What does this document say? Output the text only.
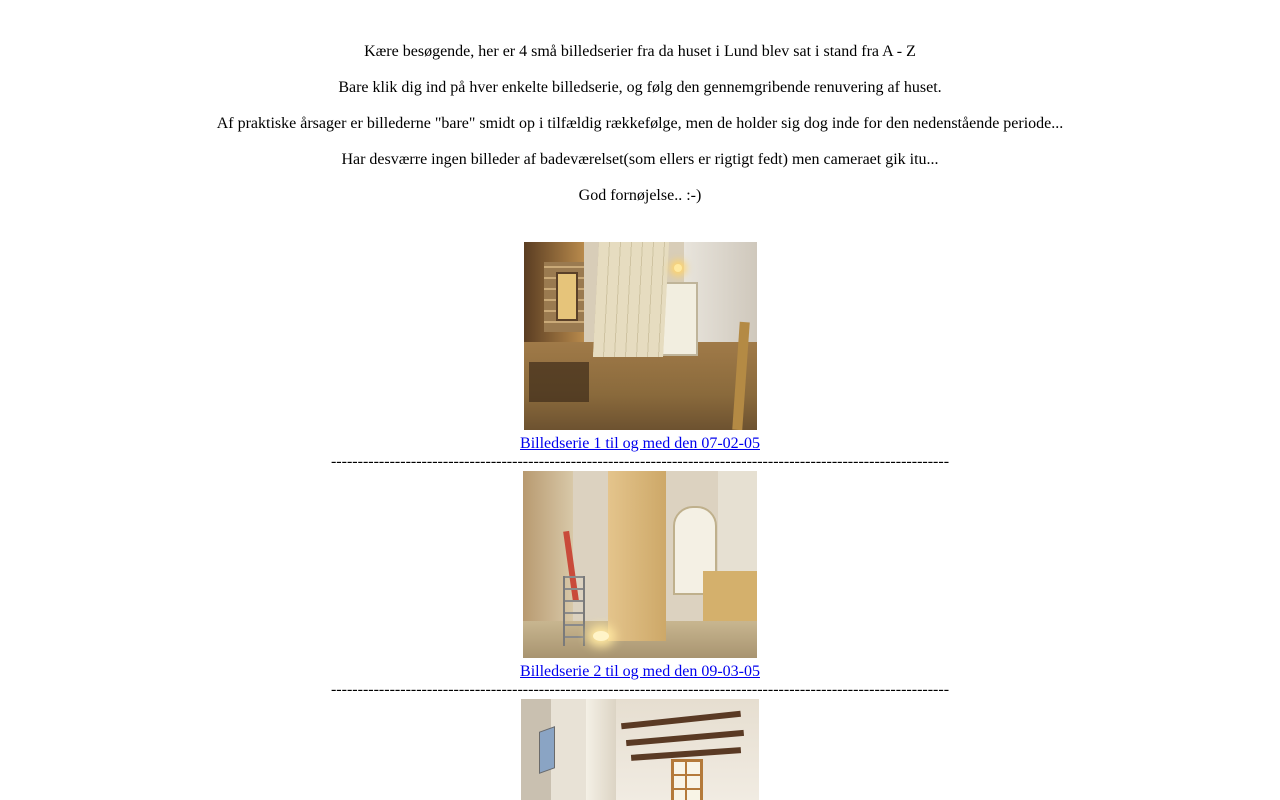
Kære besøgende, her er 4 små billedserier fra da huset i Lund blev sat i stand fra A - Z

Bare klik dig ind på hver enkelte billedserie, og følg den gennemgribende renuvering af huset.

Af praktiske årsager er billederne "bare" smidt op i tilfældig rækkefølge, men de holder sig dog inde for den nedenstående periode...

Har desværre ingen billeder af badeværelset(som ellers er rigtigt fedt) men cameraet gik itu...

God fornøjelse.. :-)

Billedserie 1 til og med den 07-02-05
--------------------------------------------------------------------------------------------------------------------
Billedserie 2 til og med den 09-03-05
--------------------------------------------------------------------------------------------------------------------
